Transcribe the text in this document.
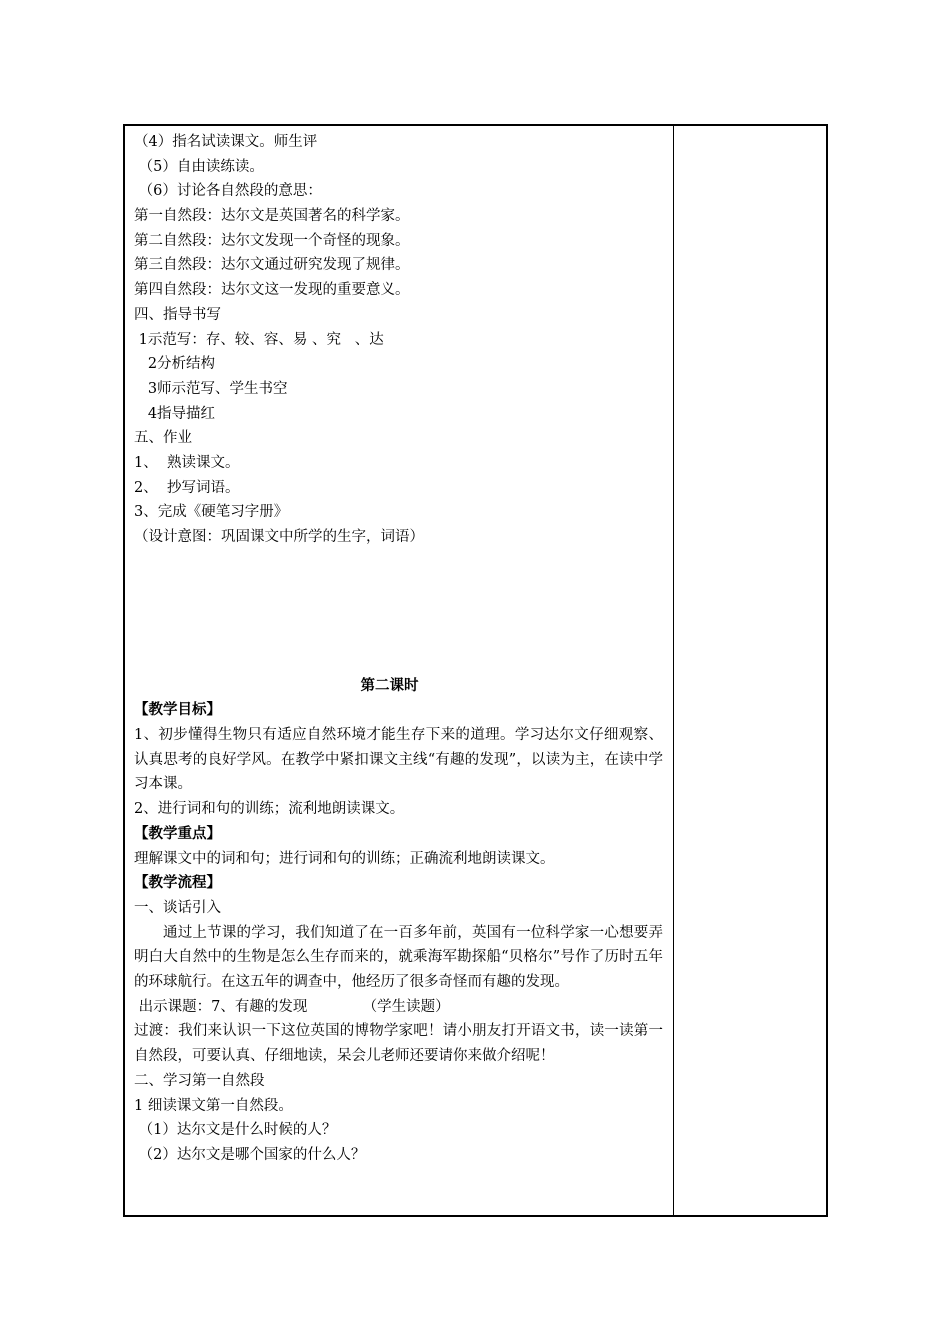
（4）指名试读课文。师生评
（5）自由读练读。
（6）讨论各自然段的意思：
第一自然段：达尔文是英国著名的科学家。
第二自然段：达尔文发现一个奇怪的现象。
第三自然段：达尔文通过研究发现了规律。
第四自然段：达尔文这一发现的重要意义。
四、指导书写
1示范写：存、较、容、易 、究   、达
2分析结构
3师示范写、学生书空
4指导描红
五、作业
1、  熟读课文。
2、  抄写词语。
3、完成《硬笔习字册》
（设计意图：巩固课文中所学的生字，词语）
第二课时
【教学目标】
1、初步懂得生物只有适应自然环境才能生存下来的道理。学习达尔文仔细观察、认真思考的良好学风。在教学中紧扣课文主线“有趣的发现”，以读为主，在读中学习本课。
2、进行词和句的训练；流利地朗读课文。
【教学重点】
理解课文中的词和句；进行词和句的训练；正确流利地朗读课文。
【教学流程】
一、谈话引入
通过上节课的学习，我们知道了在一百多年前，英国有一位科学家一心想要弄明白大自然中的生物是怎么生存而来的，就乘海军勘探船“贝格尔”号作了历时五年的环球航行。在这五年的调查中，他经历了很多奇怪而有趣的发现。
出示课题：7、有趣的发现            （学生读题）
过渡：我们来认识一下这位英国的博物学家吧！请小朋友打开语文书，读一读第一自然段，可要认真、仔细地读，呆会儿老师还要请你来做介绍呢！
二、学习第一自然段
1 细读课文第一自然段。
（1）达尔文是什么时候的人？
（2）达尔文是哪个国家的什么人？
